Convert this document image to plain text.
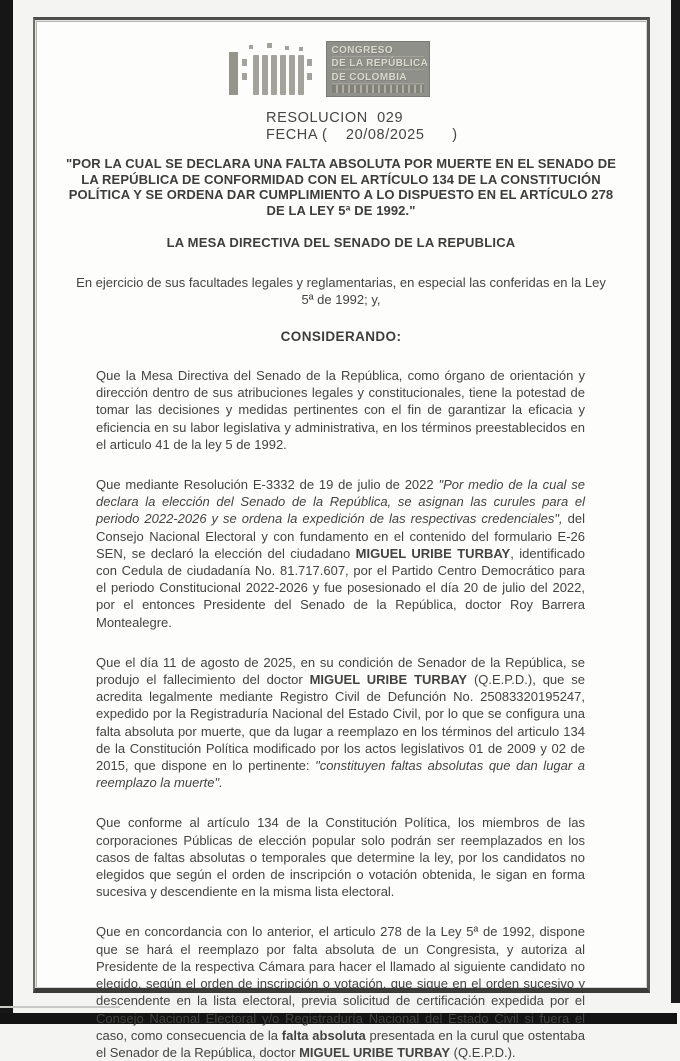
CONGRESO
DE LA REPÚBLICA
DE COLOMBIA
RESOLUCION  029
FECHA (    20/08/2025      )

"POR LA CUAL SE DECLARA UNA FALTA ABSOLUTA POR MUERTE EN EL SENADO DE LA REPÚBLICA DE CONFORMIDAD CON EL ARTÍCULO 134 DE LA CONSTITUCIÓN POLÍTICA Y SE ORDENA DAR CUMPLIMIENTO A LO DISPUESTO EN EL ARTÍCULO 278 DE LA LEY 5ª DE 1992."

LA MESA DIRECTIVA DEL SENADO DE LA REPUBLICA

En ejercicio de sus facultades legales y reglamentarias, en especial las conferidas en la Ley 5ª de 1992; y,

CONSIDERANDO:

Que la Mesa Directiva del Senado de la República, como órgano de orientación y dirección dentro de sus atribuciones legales y constitucionales, tiene la potestad de tomar las decisiones y medidas pertinentes con el fin de garantizar la eficacia y eficiencia en su labor legislativa y administrativa, en los términos preestablecidos en el articulo 41 de la ley 5 de 1992.

Que mediante Resolución E-3332 de 19 de julio de 2022 "Por medio de la cual se declara la elección del Senado de la República, se asignan las curules para el periodo 2022-2026 y se ordena la expedición de las respectivas credenciales", del Consejo Nacional Electoral y con fundamento en el contenido del formulario E-26 SEN, se declaró la elección del ciudadano MIGUEL URIBE TURBAY, identificado con Cedula de ciudadanía No. 81.717.607, por el Partido Centro Democrático para el periodo Constitucional 2022-2026 y fue posesionado el día 20 de julio del 2022, por el entonces Presidente del Senado de la República, doctor Roy Barrera Montealegre.

Que el día 11 de agosto de 2025, en su condición de Senador de la República, se produjo el fallecimiento del doctor MIGUEL URIBE TURBAY (Q.E.P.D.), que se acredita legalmente mediante Registro Civil de Defunción No. 25083320195247, expedido por la Registraduría Nacional del Estado Civil, por lo que se configura una falta absoluta por muerte, que da lugar a reemplazo en los términos del articulo 134 de la Constitución Política modificado por los actos legislativos 01 de 2009 y 02 de 2015, que dispone en lo pertinente: "constituyen faltas absolutas que dan lugar a reemplazo la muerte".

Que conforme al artículo 134 de la Constitución Política, los miembros de las corporaciones Públicas de elección popular solo podrán ser reemplazados en los casos de faltas absolutas o temporales que determine la ley, por los candidatos no elegidos que según el orden de inscripción o votación obtenida, le sigan en forma sucesiva y descendiente en la misma lista electoral.

Que en concordancia con lo anterior, el articulo 278 de la Ley 5ª de 1992, dispone que se hará el reemplazo por falta absoluta de un Congresista, y autoriza al Presidente de la respectiva Cámara para hacer el llamado al siguiente candidato no elegido, según el orden de inscripción o votación, que sigue en el orden sucesivo y descendente en la lista electoral, previa solicitud de certificación expedida por el Consejo Nacional Electoral y/o Registraduría Nacional del Estado Civil si fuera el caso, como consecuencia de la falta absoluta presentada en la curul que ostentaba el Senador de la República, doctor MIGUEL URIBE TURBAY (Q.E.P.D.).
